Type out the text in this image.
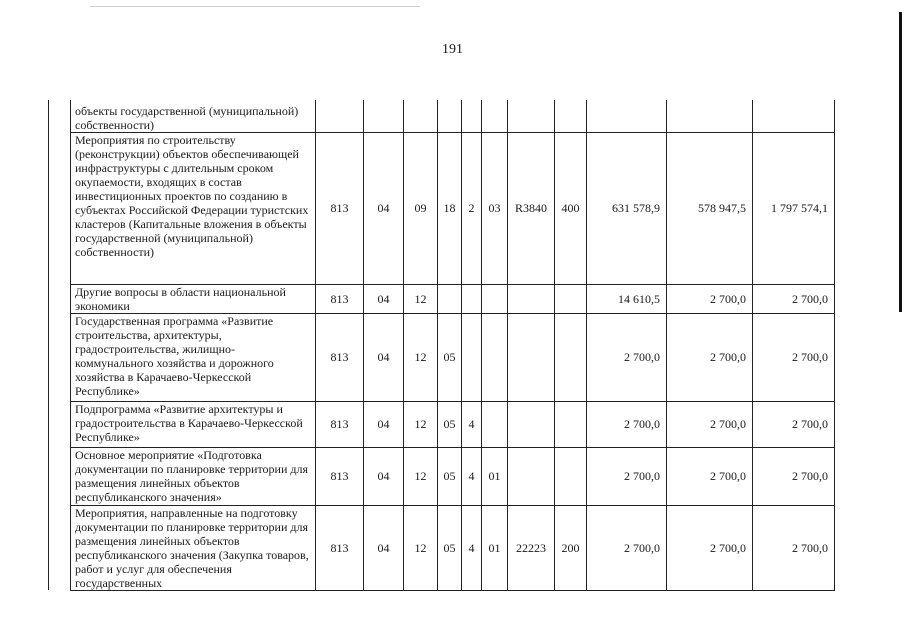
191
	объекты государственной (муниципальной) собственности)											
	Мероприятия по строительству (реконструкции) объектов обеспечивающей инфраструктуры с длительным сроком окупаемости, входящих в состав инвестиционных проектов по созданию в субъектах Российской Федерации туристских кластеров (Капитальные вложения в объекты государственной (муниципальной) собственности)	813	04	09	18	2	03	R3840	400	631 578,9	578 947,5	1 797 574,1
	Другие вопросы в области национальной экономики	813	04	12						14 610,5	2 700,0	2 700,0
	Государственная программа «Развитие строительства, архитектуры, градостроительства, жилищно-коммунального хозяйства и дорожного хозяйства в Карачаево-Черкесской Республике»	813	04	12	05					2 700,0	2 700,0	2 700,0
	Подпрограмма «Развитие архитектуры и градостроительства в Карачаево-Черкесской Республике»	813	04	12	05	4				2 700,0	2 700,0	2 700,0
	Основное мероприятие «Подготовка документации по планировке территории для размещения линейных объектов республиканского значения»	813	04	12	05	4	01			2 700,0	2 700,0	2 700,0
	Мероприятия, направленные на подготовку документации по планировке территории для размещения линейных объектов республиканского значения (Закупка товаров, работ и услуг для обеспечения государственных	813	04	12	05	4	01	22223	200	2 700,0	2 700,0	2 700,0
